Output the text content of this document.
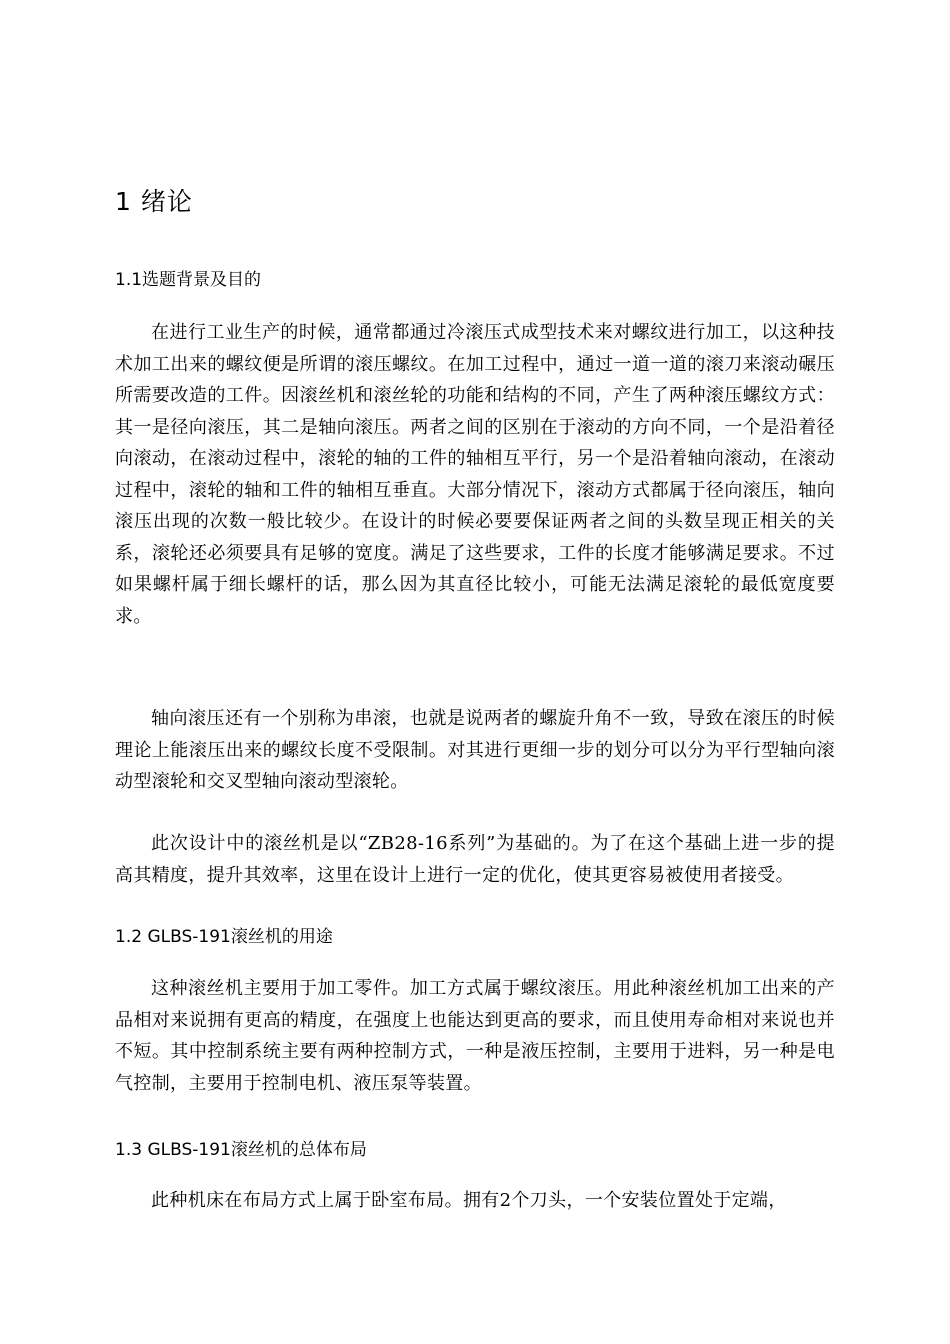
1 绪论
1.1选题背景及目的

在进行工业生产的时候，通常都通过冷滚压式成型技术来对螺纹进行加工，以这种技术加工出来的螺纹便是所谓的滚压螺纹。在加工过程中，通过一道一道的滚刀来滚动碾压所需要改造的工件。因滚丝机和滚丝轮的功能和结构的不同，产生了两种滚压螺纹方式：其一是径向滚压，其二是轴向滚压。两者之间的区别在于滚动的方向不同，一个是沿着径向滚动，在滚动过程中，滚轮的轴的工件的轴相互平行，另一个是沿着轴向滚动，在滚动过程中，滚轮的轴和工件的轴相互垂直。大部分情况下，滚动方式都属于径向滚压，轴向滚压出现的次数一般比较少。在设计的时候必要要保证两者之间的头数呈现正相关的关系，滚轮还必须要具有足够的宽度。满足了这些要求，工件的长度才能够满足要求。不过如果螺杆属于细长螺杆的话，那么因为其直径比较小，可能无法满足滚轮的最低宽度要求。

轴向滚压还有一个别称为串滚，也就是说两者的螺旋升角不一致，导致在滚压的时候理论上能滚压出来的螺纹长度不受限制。对其进行更细一步的划分可以分为平行型轴向滚动型滚轮和交叉型轴向滚动型滚轮。

此次设计中的滚丝机是以“ZB28-16系列”为基础的。为了在这个基础上进一步的提高其精度，提升其效率，这里在设计上进行一定的优化，使其更容易被使用者接受。

1.2 GLBS-191滚丝机的用途

这种滚丝机主要用于加工零件。加工方式属于螺纹滚压。用此种滚丝机加工出来的产品相对来说拥有更高的精度，在强度上也能达到更高的要求，而且使用寿命相对来说也并不短。其中控制系统主要有两种控制方式，一种是液压控制，主要用于进料，另一种是电气控制，主要用于控制电机、液压泵等装置。

1.3 GLBS-191滚丝机的总体布局

此种机床在布局方式上属于卧室布局。拥有2个刀头，一个安装位置处于定端，
